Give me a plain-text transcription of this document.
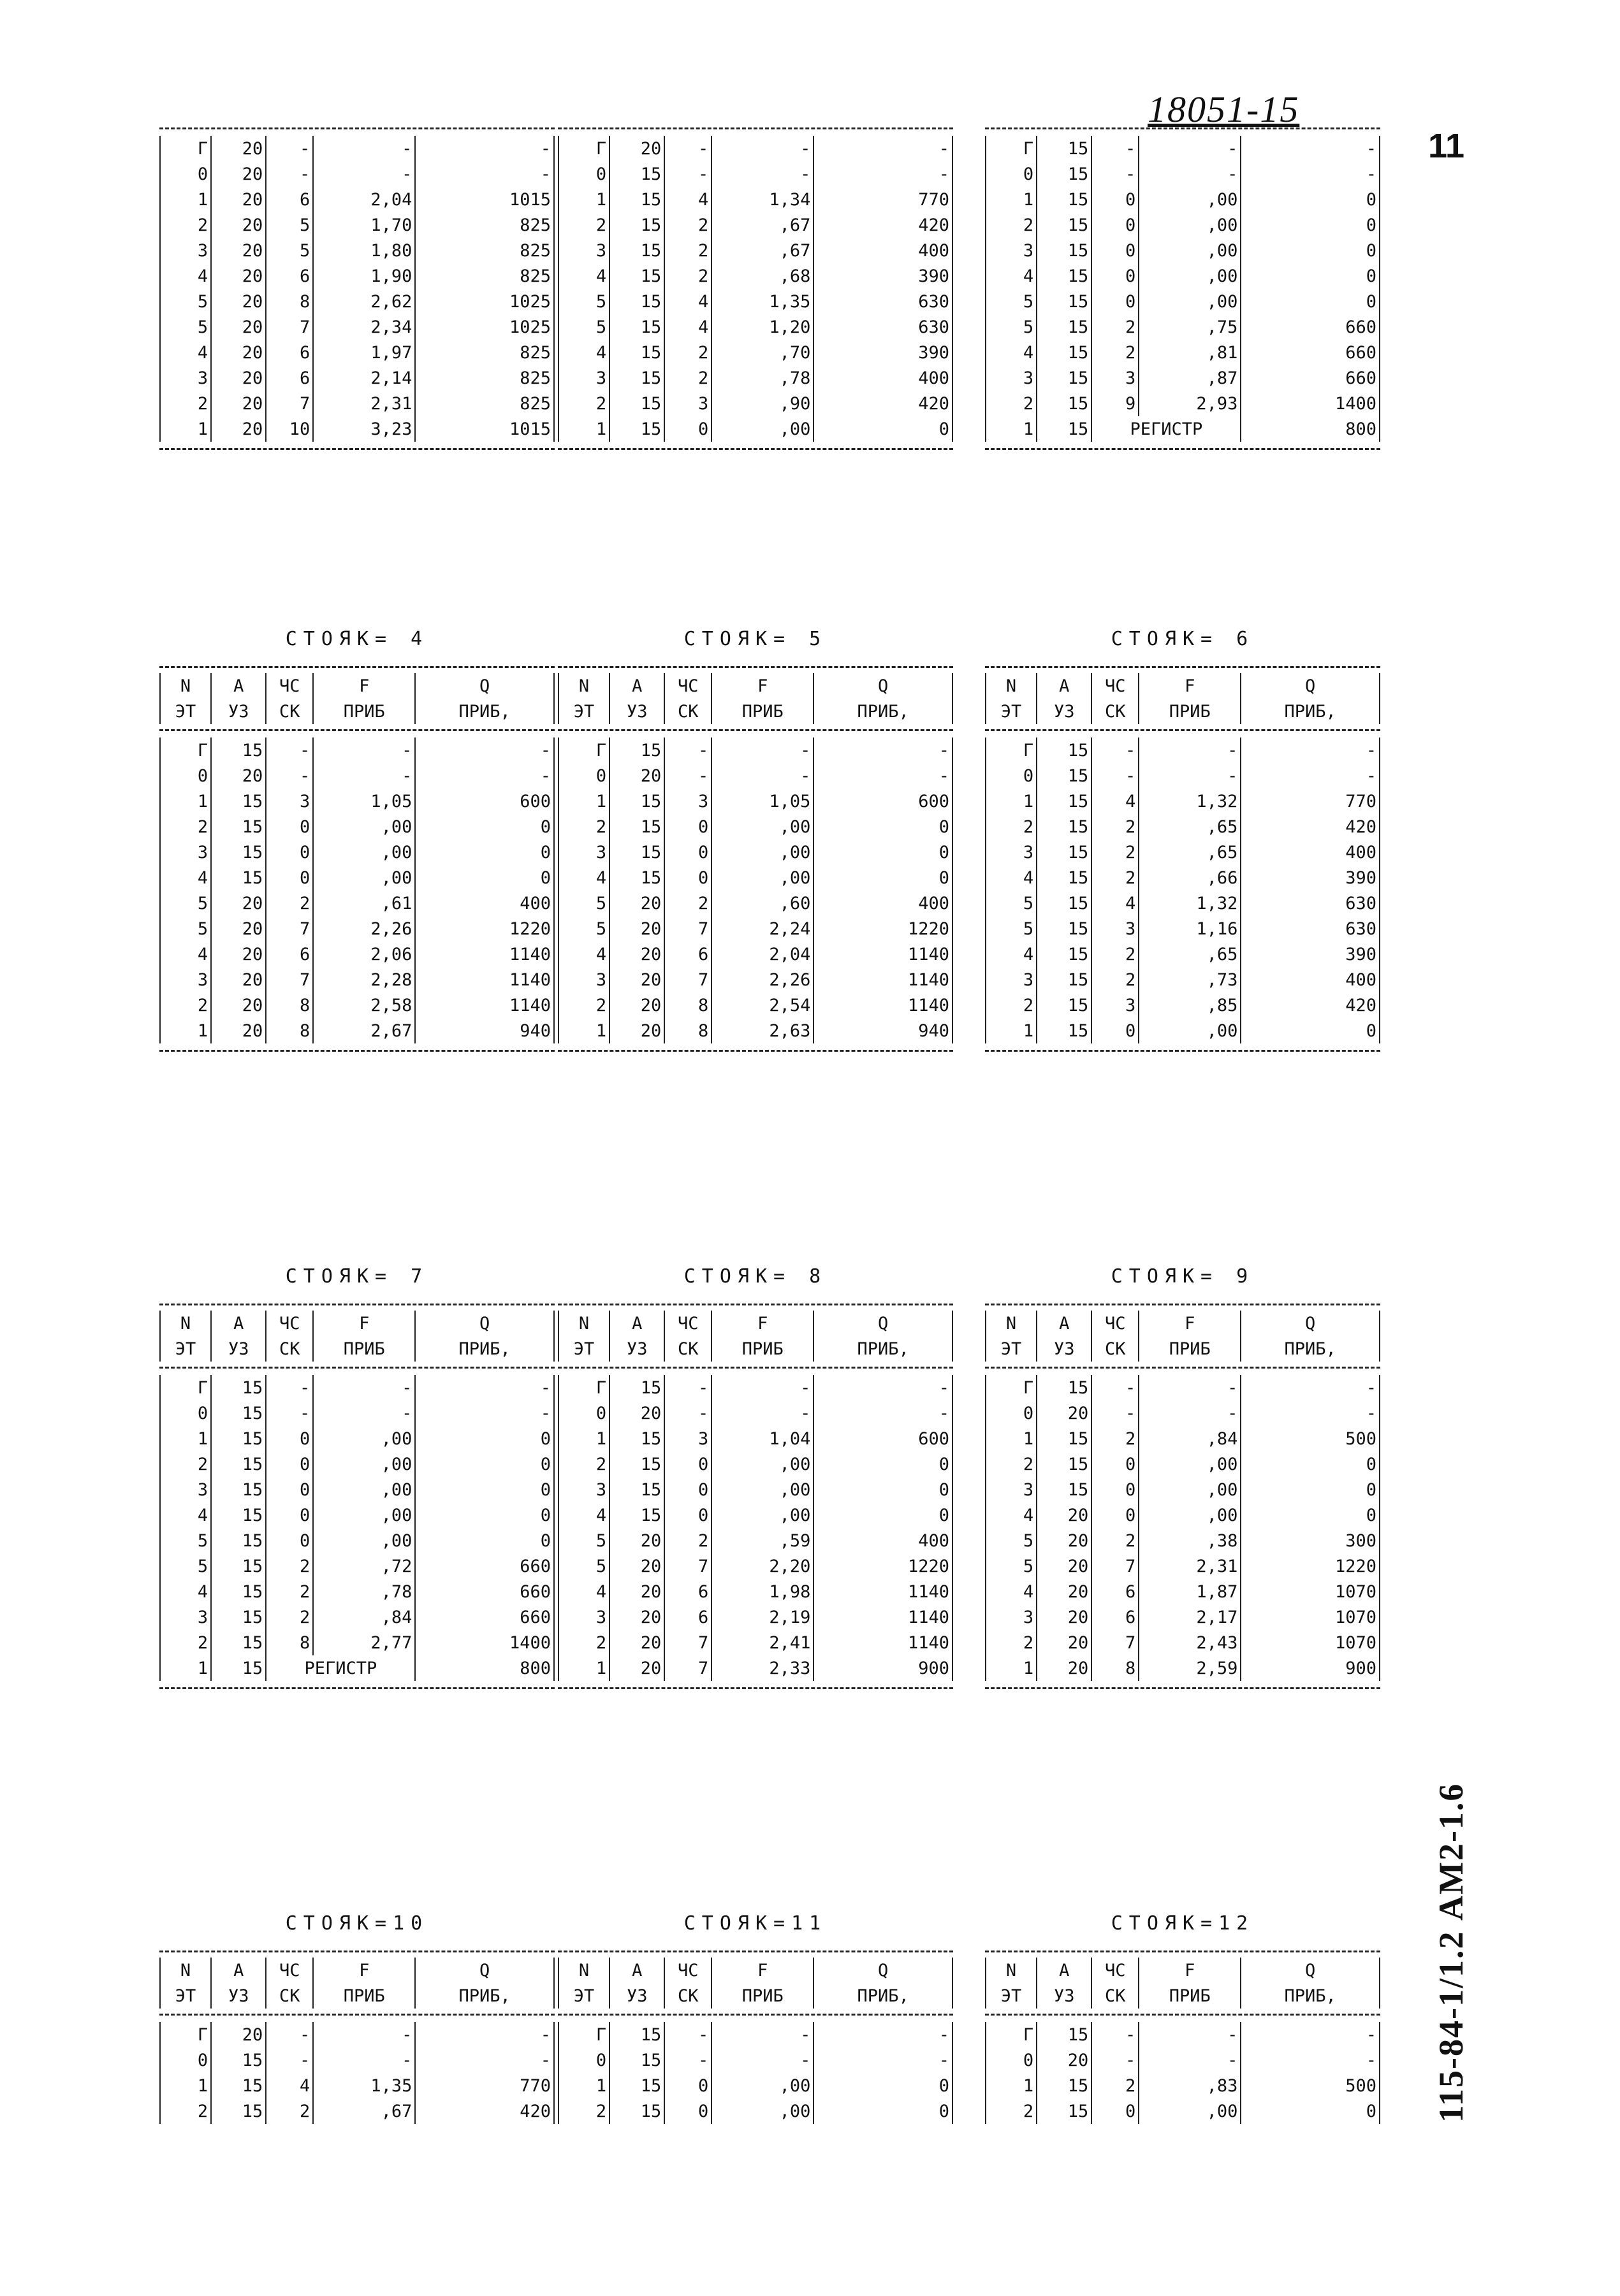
18051-15
11
115-84-1/1.2 АМ2-1.6
Г	20	-	-	-
0	20	-	-	-
1	20	6	2,04	1015
2	20	5	1,70	825
3	20	5	1,80	825
4	20	6	1,90	825
5	20	8	2,62	1025
5	20	7	2,34	1025
4	20	6	1,97	825
3	20	6	2,14	825
2	20	7	2,31	825
1	20	10	3,23	1015
Г	20	-	-	-
0	15	-	-	-
1	15	4	1,34	770
2	15	2	,67	420
3	15	2	,67	400
4	15	2	,68	390
5	15	4	1,35	630
5	15	4	1,20	630
4	15	2	,70	390
3	15	2	,78	400
2	15	3	,90	420
1	15	0	,00	0
Г	15	-	-	-
0	15	-	-	-
1	15	0	,00	0
2	15	0	,00	0
3	15	0	,00	0
4	15	0	,00	0
5	15	0	,00	0
5	15	2	,75	660
4	15	2	,81	660
3	15	3	,87	660
2	15	9	2,93	1400
1	15	РЕГИСТР	800
СТОЯК= 4
N	А	ЧС	F	Q
ЭТ	УЗ	СК	ПРИБ	ПРИБ,
Г	15	-	-	-
0	20	-	-	-
1	15	3	1,05	600
2	15	0	,00	0
3	15	0	,00	0
4	15	0	,00	0
5	20	2	,61	400
5	20	7	2,26	1220
4	20	6	2,06	1140
3	20	7	2,28	1140
2	20	8	2,58	1140
1	20	8	2,67	940
СТОЯК= 5
N	А	ЧС	F	Q
ЭТ	УЗ	СК	ПРИБ	ПРИБ,
Г	15	-	-	-
0	20	-	-	-
1	15	3	1,05	600
2	15	0	,00	0
3	15	0	,00	0
4	15	0	,00	0
5	20	2	,60	400
5	20	7	2,24	1220
4	20	6	2,04	1140
3	20	7	2,26	1140
2	20	8	2,54	1140
1	20	8	2,63	940
СТОЯК= 6
N	А	ЧС	F	Q
ЭТ	УЗ	СК	ПРИБ	ПРИБ,
Г	15	-	-	-
0	15	-	-	-
1	15	4	1,32	770
2	15	2	,65	420
3	15	2	,65	400
4	15	2	,66	390
5	15	4	1,32	630
5	15	3	1,16	630
4	15	2	,65	390
3	15	2	,73	400
2	15	3	,85	420
1	15	0	,00	0
СТОЯК= 7
N	А	ЧС	F	Q
ЭТ	УЗ	СК	ПРИБ	ПРИБ,
Г	15	-	-	-
0	15	-	-	-
1	15	0	,00	0
2	15	0	,00	0
3	15	0	,00	0
4	15	0	,00	0
5	15	0	,00	0
5	15	2	,72	660
4	15	2	,78	660
3	15	2	,84	660
2	15	8	2,77	1400
1	15	РЕГИСТР	800
СТОЯК= 8
N	А	ЧС	F	Q
ЭТ	УЗ	СК	ПРИБ	ПРИБ,
Г	15	-	-	-
0	20	-	-	-
1	15	3	1,04	600
2	15	0	,00	0
3	15	0	,00	0
4	15	0	,00	0
5	20	2	,59	400
5	20	7	2,20	1220
4	20	6	1,98	1140
3	20	6	2,19	1140
2	20	7	2,41	1140
1	20	7	2,33	900
СТОЯК= 9
N	А	ЧС	F	Q
ЭТ	УЗ	СК	ПРИБ	ПРИБ,
Г	15	-	-	-
0	20	-	-	-
1	15	2	,84	500
2	15	0	,00	0
3	15	0	,00	0
4	20	0	,00	0
5	20	2	,38	300
5	20	7	2,31	1220
4	20	6	1,87	1070
3	20	6	2,17	1070
2	20	7	2,43	1070
1	20	8	2,59	900
СТОЯК=10
N	А	ЧС	F	Q
ЭТ	УЗ	СК	ПРИБ	ПРИБ,
Г	20	-	-	-
0	15	-	-	-
1	15	4	1,35	770
2	15	2	,67	420
СТОЯК=11
N	А	ЧС	F	Q
ЭТ	УЗ	СК	ПРИБ	ПРИБ,
Г	15	-	-	-
0	15	-	-	-
1	15	0	,00	0
2	15	0	,00	0
СТОЯК=12
N	А	ЧС	F	Q
ЭТ	УЗ	СК	ПРИБ	ПРИБ,
Г	15	-	-	-
0	20	-	-	-
1	15	2	,83	500
2	15	0	,00	0
